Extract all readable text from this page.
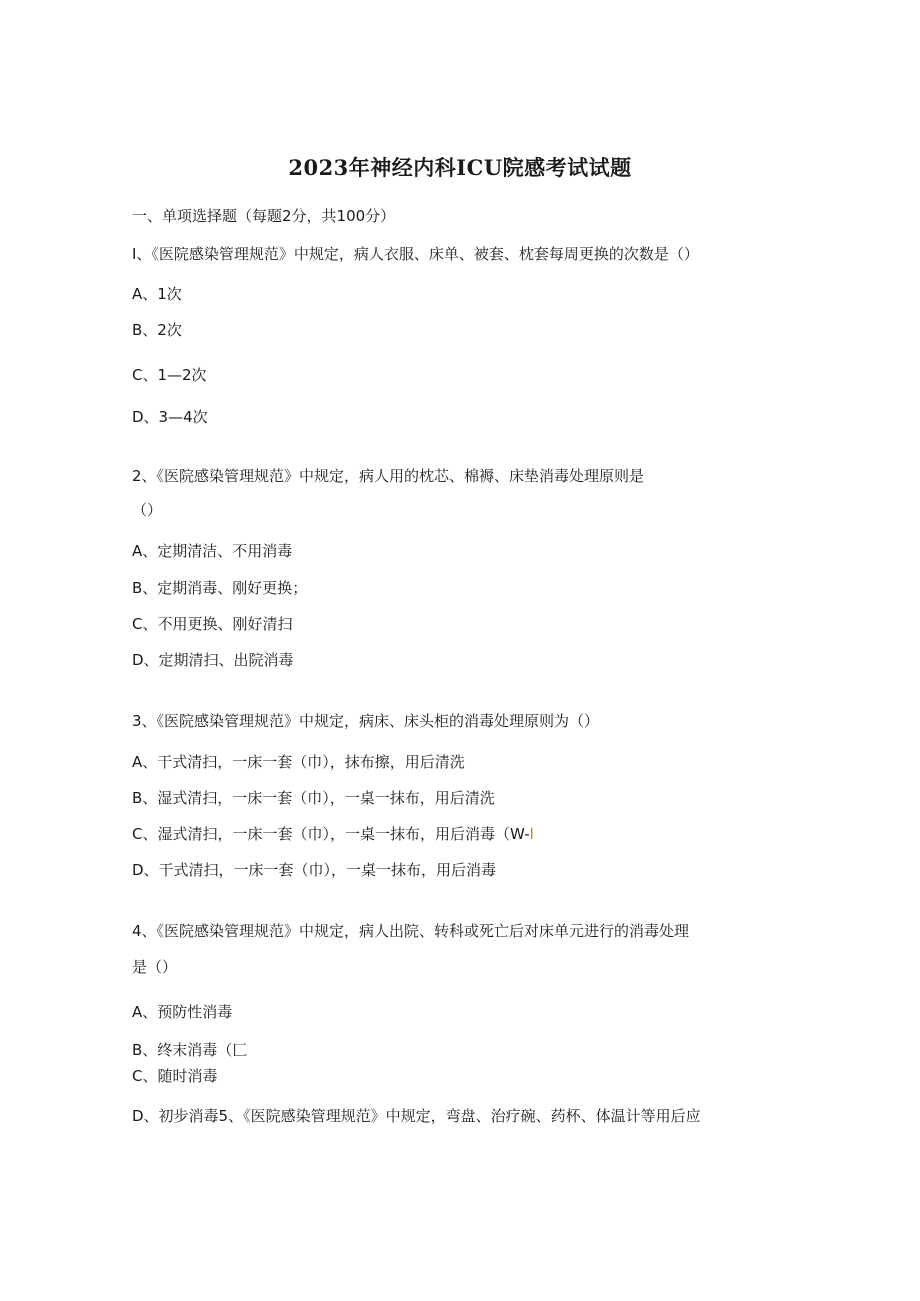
2023年神经内科ICU院感考试试题
一、单项选择题（每题2分，共100分）
I、《医院感染管理规范》中规定，病人衣服、床单、被套、枕套每周更换的次数是（）
A、1次
B、2次
C、1—2次
D、3—4次
2、《医院感染管理规范》中规定，病人用的枕芯、棉褥、床垫消毒处理原则是
（）
A、定期清洁、不用消毒
B、定期消毒、刚好更换；
C、不用更换、刚好清扫
D、定期清扫、出院消毒
3、《医院感染管理规范》中规定，病床、床头柜的消毒处理原则为（）
A、干式清扫，一床一套（巾），抹布擦，用后清洗
B、湿式清扫，一床一套（巾），一桌一抹布，用后清洗
C、湿式清扫，一床一套（巾），一桌一抹布，用后消毒（W-l
D、干式清扫，一床一套（巾），一桌一抹布，用后消毒
4、《医院感染管理规范》中规定，病人出院、转科或死亡后对床单元进行的消毒处理
是（）
A、预防性消毒
B、终末消毒（匚
C、随时消毒
D、初步消毒5、《医院感染管理规范》中规定，弯盘、治疗碗、药杯、体温计等用后应
